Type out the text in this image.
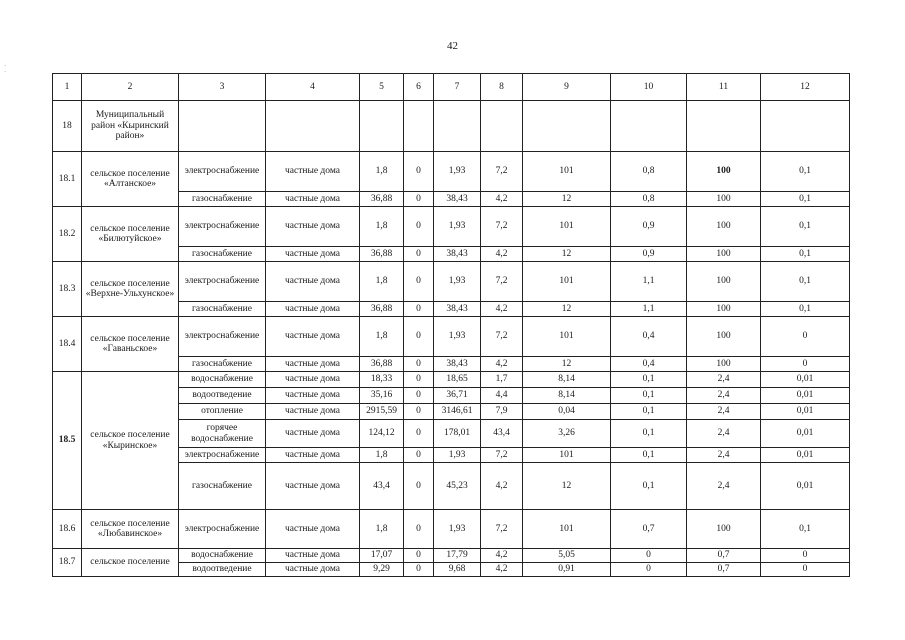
·
·
42
1	2	3	4	5	6	7	8	9	10	11	12
18	Муниципальный район «Кыринский район»										
18.1	сельское поселение «Алтанское»	электроснабжение	частные дома	1,8	0	1,93	7,2	101	0,8	100	0,1
		газоснабжение	частные дома	36,88	0	38,43	4,2	12	0,8	100	0,1
18.2	сельское поселение «Билютуйское»	электроснабжение	частные дома	1,8	0	1,93	7,2	101	0,9	100	0,1
		газоснабжение	частные дома	36,88	0	38,43	4,2	12	0,9	100	0,1
18.3	сельское поселение «Верхне-Ульхунское»	электроснабжение	частные дома	1,8	0	1,93	7,2	101	1,1	100	0,1
		газоснабжение	частные дома	36,88	0	38,43	4,2	12	1,1	100	0,1
18.4	сельское поселение «Гаваньское»	электроснабжение	частные дома	1,8	0	1,93	7,2	101	0,4	100	0
		газоснабжение	частные дома	36,88	0	38,43	4,2	12	0,4	100	0
18.5	сельское поселение «Кыринское»	водоснабжение	частные дома	18,33	0	18,65	1,7	8,14	0,1	2,4	0,01
		водоотведение	частные дома	35,16	0	36,71	4,4	8,14	0,1	2,4	0,01
		отопление	частные дома	2915,59	0	3146,61	7,9	0,04	0,1	2,4	0,01
		горячее водоснабжение	частные дома	124,12	0	178,01	43,4	3,26	0,1	2,4	0,01
		электроснабжение	частные дома	1,8	0	1,93	7,2	101	0,1	2,4	0,01
		газоснабжение	частные дома	43,4	0	45,23	4,2	12	0,1	2,4	0,01
18.6	сельское поселение «Любавинское»	электроснабжение	частные дома	1,8	0	1,93	7,2	101	0,7	100	0,1
18.7	сельское поселение	водоснабжение	частные дома	17,07	0	17,79	4,2	5,05	0	0,7	0
		водоотведение	частные дома	9,29	0	9,68	4,2	0,91	0	0,7	0
